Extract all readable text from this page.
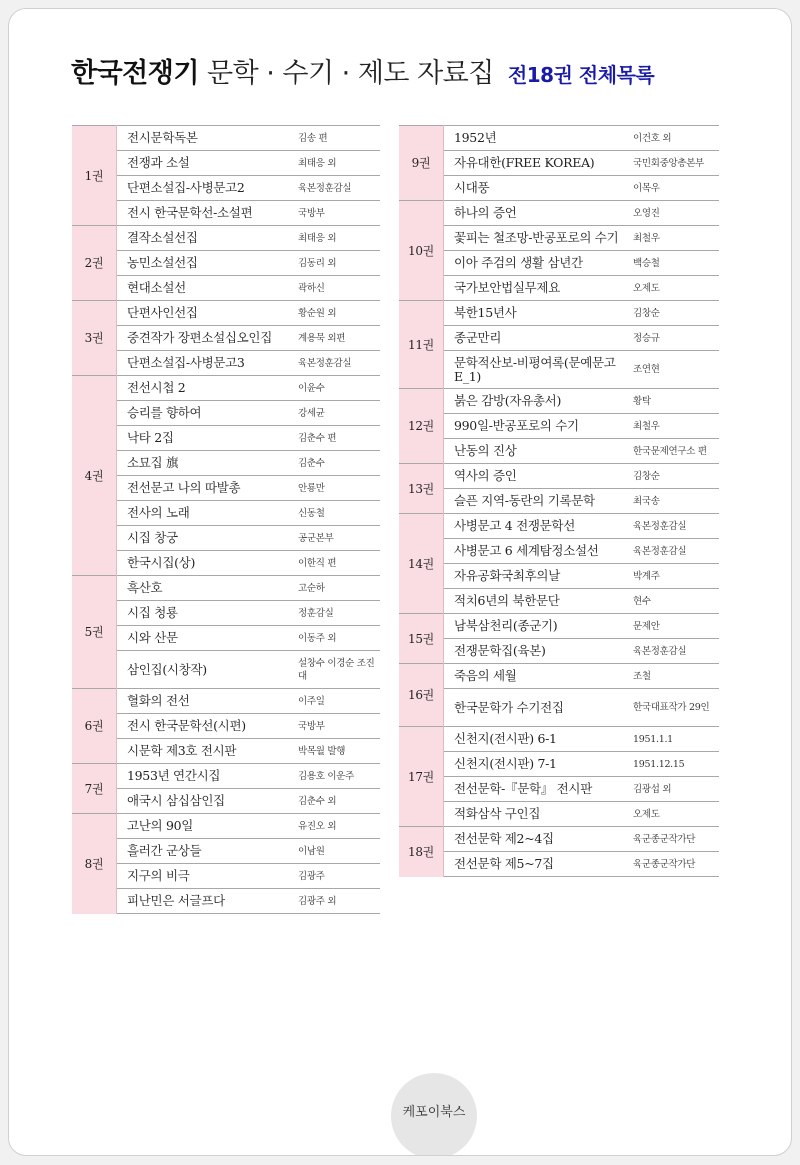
한국전쟁기 문학 · 수기 · 제도 자료집 전18권 전체목록
1권	전시문학독본	김송 편
	전쟁과 소설	최태응 외
	단편소설집-사병문고2	육본정훈감실
	전시 한국문학선-소설편	국방부
2권	결작소설선집	최태응 외
	농민소설선집	김동리 외
	현대소설선	곽하신
3권	단편사인선집	황순원 외
	중견작가 장편소설십오인집	계용묵 외편
	단편소설집-사병문고3	육본정훈감실
4권	전선시첩 2	이윤수
	승리를 향하여	강세균
	낙타 2집	김춘수 편
	소묘집 旗	김춘수
	전선문고 나의 따발총	안룡만
	전사의 노래	신동철
	시집 창궁	공군본부
	한국시집(상)	이한직 편
5권	흑산호	고순하
	시집 청룡	정훈감실
	시와 산문	이동주 외
	삼인집(시창작)	설창수 이경순 조진대
6권	혈화의 전선	이주일
	전시 한국문학선(시편)	국방부
	시문학 제3호 전시판	박목월 발행
7권	1953년 연간시집	김용호 이운주
	애국시 삼십삼인집	김춘수 외
8권	고난의 90일	유진오 외
	흘러간 군상들	이남원
	지구의 비극	김광주
	피난민은 서글프다	김광주 외
9권	1952년	이건호 외
	자유대한(FREE KOREA)	국민회중앙총본부
	시대풍	이목우
10권	하나의 증언	오영진
	꽃피는 철조망-반공포로의 수기	최철우
	이아 주검의 생활 삼년간	백승철
	국가보안법실무제요	오제도
11권	북한15년사	김창순
	종군만리	정승규
	문학적산보-비평여록(문예문고 E_1)	조연현
12권	붉은 감방(자유총서)	황탁
	990일-반공포로의 수기	최철우
	난동의 진상	한국문제연구소 편
13권	역사의 증인	김창순
	슬픈 지역-동란의 기록문학	최국송
14권	사병문고 4 전쟁문학선	육본정훈감실
	사병문고 6 세계탐정소설선	육본정훈감실
	자유공화국최후의날	박계주
	적치6년의 북한문단	현수
15권	남북삼천리(종군기)	문제안
	전쟁문학집(육본)	육본정훈감실
16권	죽음의 세월	조철
	한국문학가 수기전집	한국대표작가 29인
17권	신천지(전시판) 6-1	1951.1.1
	신천지(전시판) 7-1	1951.12.15
	전선문학-『문학』 전시판	김광섭 외
	적화삼삭 구인집	오제도
18권	전선문학 제2~4집	육군종군작가단
	전선문학 제5~7집	육군종군작가단
케포이북스
